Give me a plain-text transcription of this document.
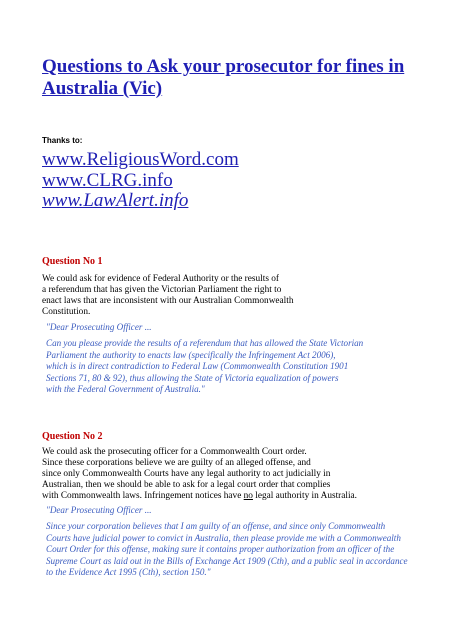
Questions to Ask your prosecutor for fines in Australia (Vic)
Thanks to:
www.ReligiousWord.com
www.CLRG.info
www.LawAlert.info
Question No 1
We could ask for evidence of Federal Authority or the results of
a referendum that has given the Victorian Parliament the right to
enact laws that are inconsistent with our Australian Commonwealth
Constitution.
"Dear Prosecuting Officer ...
Can you please provide the results of a referendum that has allowed the State Victorian
Parliament the authority to enacts law (specifically the Infringement Act 2006),
which is in direct contradiction to Federal Law (Commonwealth Constitution 1901
Sections 71, 80 & 92), thus allowing the State of Victoria equalization of powers
with the Federal Government of Australia."
Question No 2
We could ask the prosecuting officer for a Commonwealth Court order.
Since these corporations believe we are guilty of an alleged offense, and
since only Commonwealth Courts have any legal authority to act judicially in
Australian, then we should be able to ask for a legal court order that complies
with Commonwealth laws. Infringement notices have no legal authority in Australia.
"Dear Prosecuting Officer ...
Since your corporation believes that I am guilty of an offense, and since only Commonwealth
Courts have judicial power to convict in Australia, then please provide me with a Commonwealth
Court Order for this offense, making sure it contains proper authorization from an officer of the
Supreme Court as laid out in the Bills of Exchange Act 1909 (Cth), and a public seal in accordance
to the Evidence Act 1995 (Cth), section 150."
